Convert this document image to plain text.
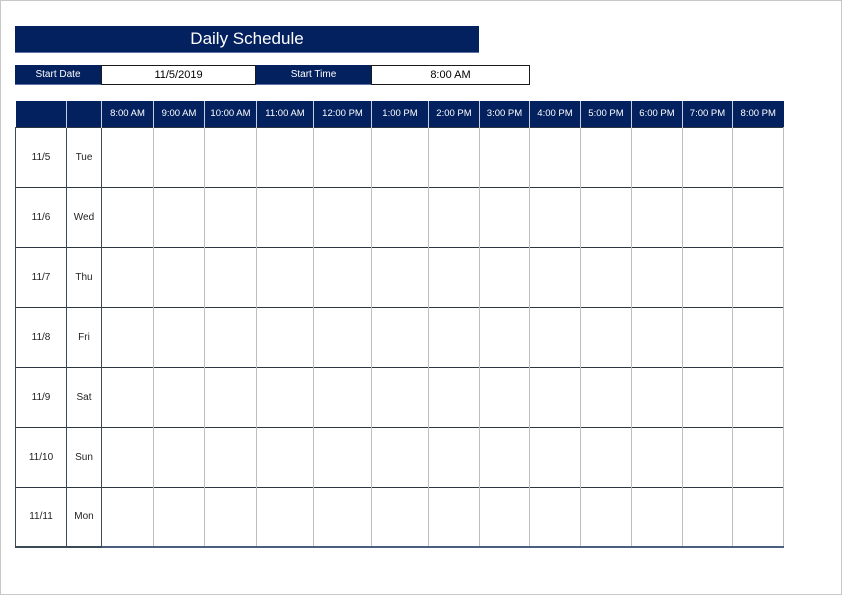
Daily Schedule
Start Date	11/5/2019	Start Time	8:00 AM
		8:00 AM	9:00 AM	10:00 AM	11:00 AM	12:00 PM	1:00 PM	2:00 PM	3:00 PM	4:00 PM	5:00 PM	6:00 PM	7:00 PM	8:00 PM
11/5	Tue													
11/6	Wed													
11/7	Thu													
11/8	Fri													
11/9	Sat													
11/10	Sun													
11/11	Mon													
